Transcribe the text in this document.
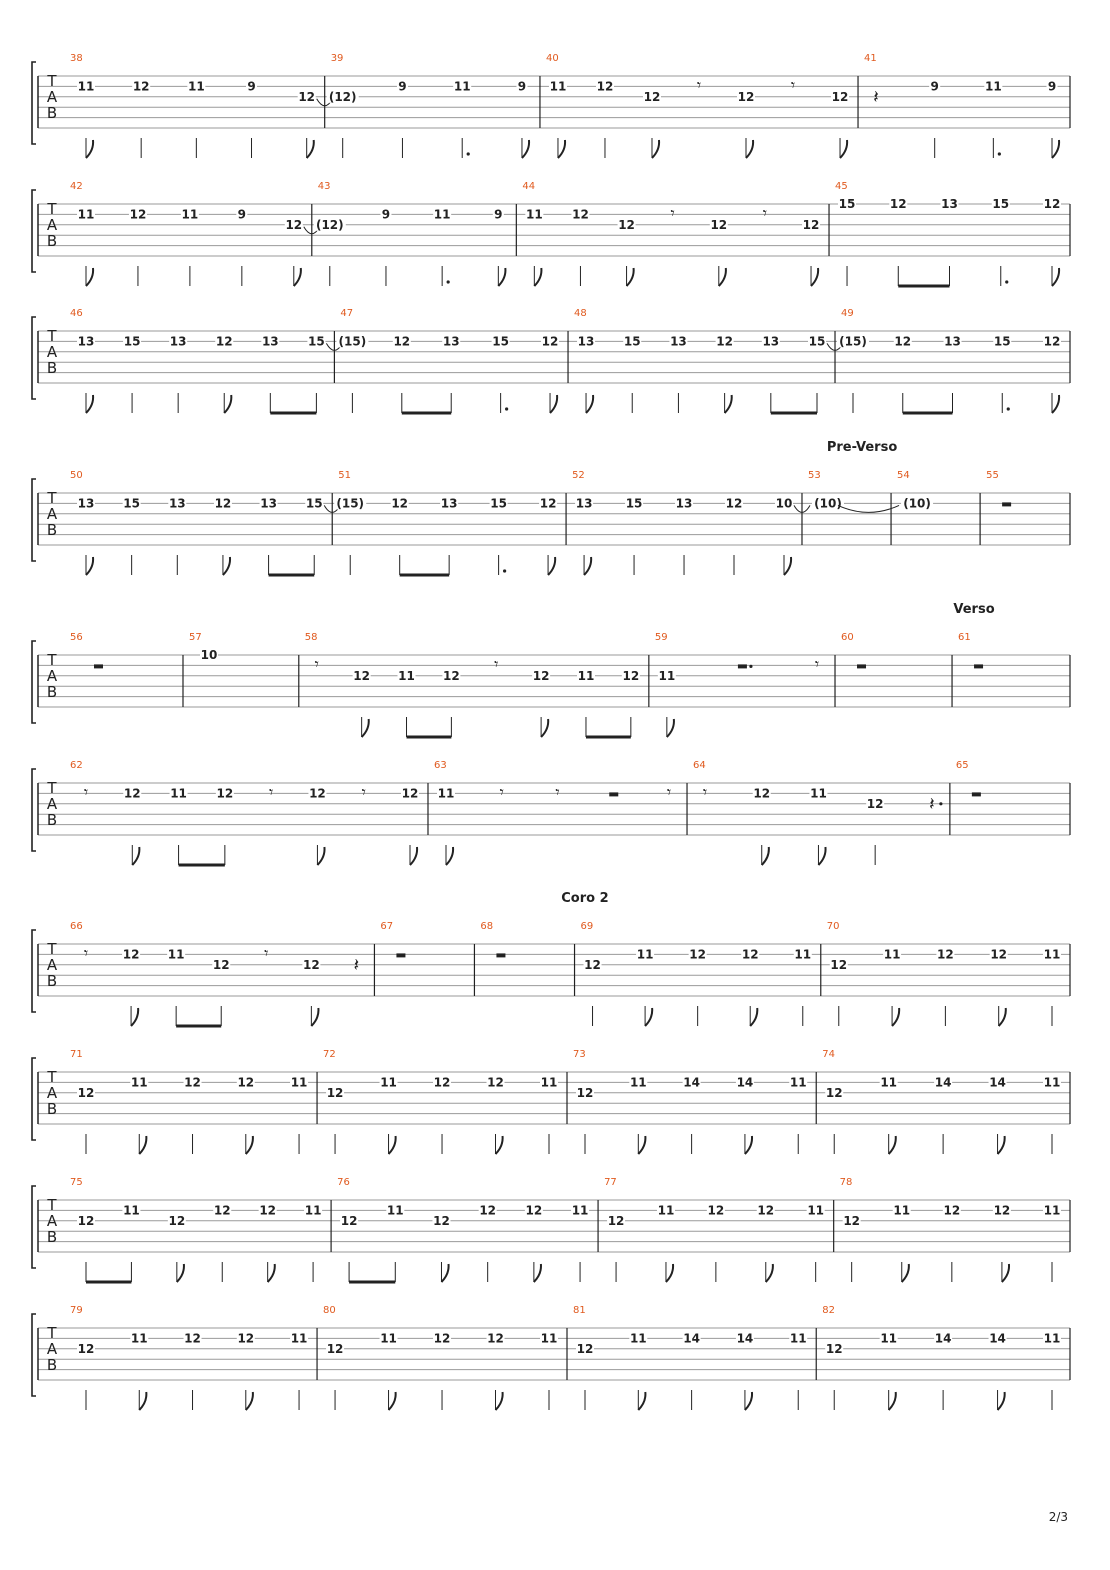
T
A
B
38
11	12	11	9
12
39
(12)
9	11	9
40
11	12
12
𝄾
12
𝄾
12
41
𝄽
9	11	9
T
A
B
42
11	12	11	9
12
43
(12)
9	11	9
44
11 12
12
𝄾
12
𝄾
12
45
15	12	13	15	12
T
A
B
46
13 15 13 12 13 15
47
(15) 12	13	15	12
48
13 15 13 12 13 15
49
(15) 12	13	15	12
T
A
B
50
13 15 13 12 13 15
51
(15) 12	13	15	12
52
13	15	13	12	10
53
Pre-Verso
(10)
54
(10)
55
T
A
B
56	57
10
58
𝄾
12 11 12
𝄾
12 11 12
59
11
𝄾
60	61
Verso
T
A
B
62
𝄾	12 11 12 𝄾	12 𝄾	12
63
11	𝄾	𝄾	𝄾
64
𝄾	12	11
12	𝄽
65
T
A
B
66
𝄾	12 11
12
𝄾
12 𝄽
67	68	69
Coro 2
12
11	12	12	11
70
12
11	12	12	11
T
A
B
71
12
11	12	12	11
72
12
11	12	12	11
73
12
11	14	14	11
74
12
11	14	14	11
T
A
B
75
12
11
12
12 12 11
76
12
11
12
12 12 11
77
12
11	12	12	11
78
12
11	12	12	11
T
A
B
79
12
11	12	12	11
80
12
11	12	12	11
81
12
11	14	14	11
82
12
11	14	14	11
2/3
